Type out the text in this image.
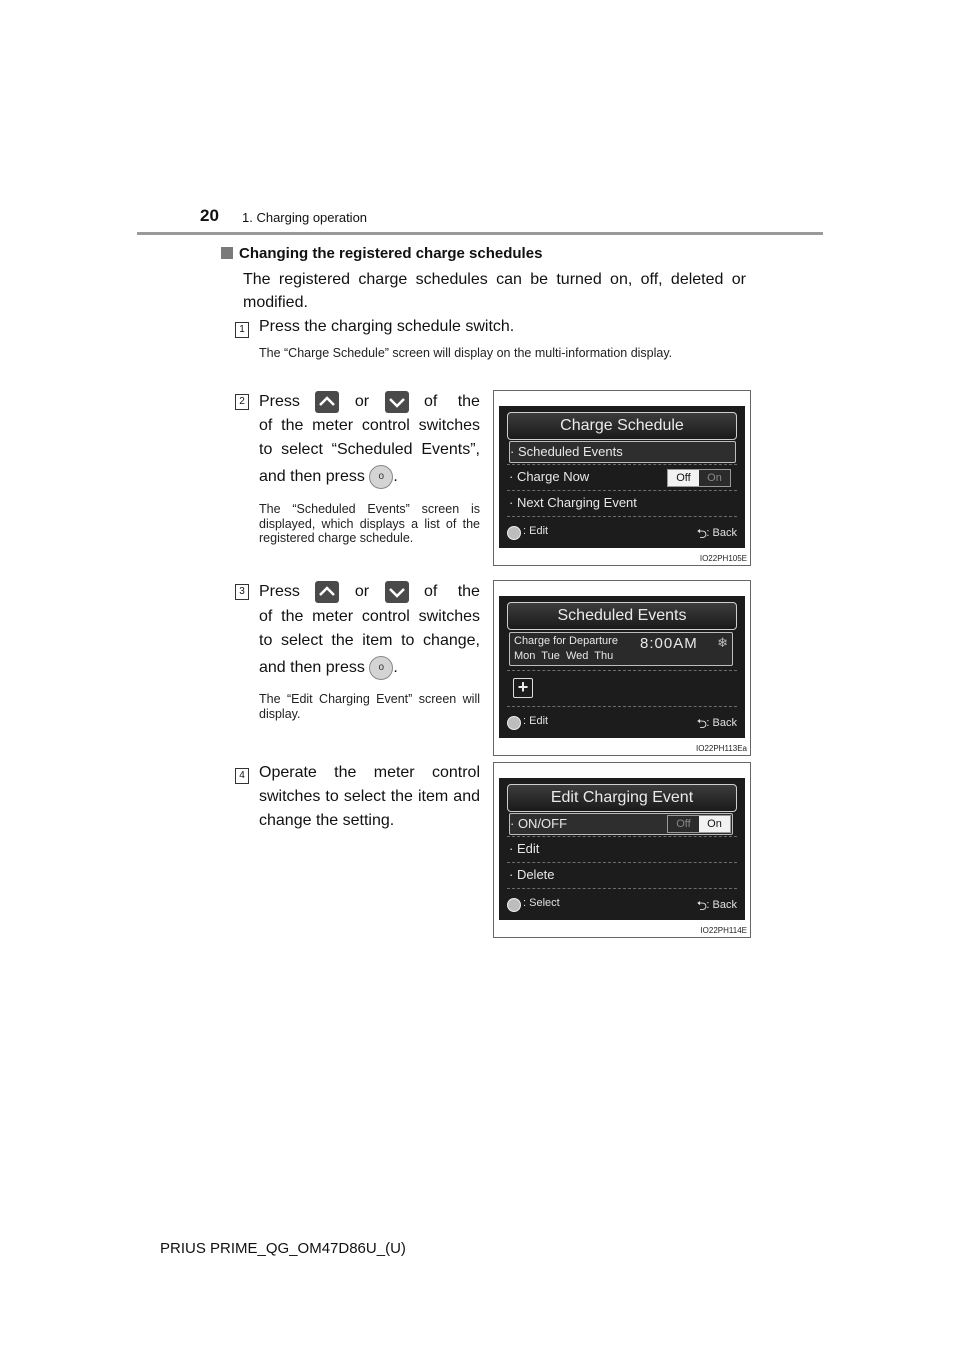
20 1. Charging operation
Changing the registered charge schedules
The registered charge schedules can be turned on, off, deleted or modified.
1 Press the charging schedule switch.
The “Charge Schedule” screen will display on the multi-information display.
2 Press	or	of  the
of the meter control switches to select “Scheduled Events”,
and then press o .
The “Scheduled Events” screen is displayed, which displays a list of the registered charge schedule.
Charge Schedule
· Scheduled Events
· Charge Now	Off On
· Next Charging Event
: Edit	⮌ : Back
IO22PH105E
3 Press	or	of  the
of the meter control switches to select the item to change,
and then press o .
The “Edit Charging Event” screen will display.
Scheduled Events
Charge for Departure
Mon  Tue  Wed  Thu
8:00AM ❄
+
: Edit	⮌ : Back
IO22PH113Ea
4 Operate the meter control switches to select the item and change the setting.
Edit Charging Event
· ON/OFF	Off On
· Edit
· Delete
: Select	⮌ : Back
IO22PH114E
PRIUS PRIME_QG_OM47D86U_(U)
